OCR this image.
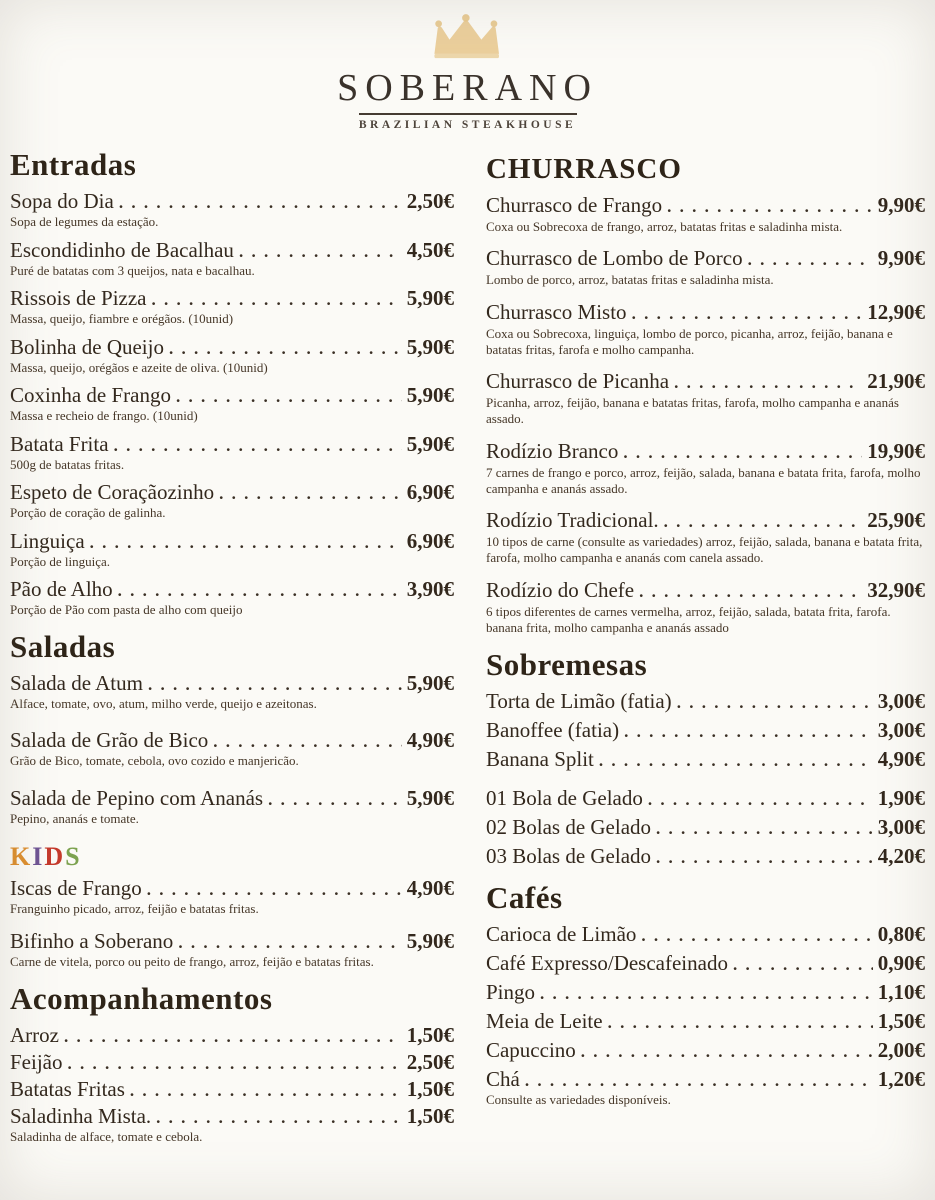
SOBERANO
BRAZILIAN STEAKHOUSE
Entradas
Sopa do Dia . . .	2,50€
Sopa de legumes da estação.
Escondidinho de Bacalhau . . .	4,50€
Puré de batatas com 3 queijos, nata e bacalhau.
Rissois de Pizza . . .	5,90€
Massa, queijo, fiambre e orégãos. (10unid)
Bolinha de Queijo . . .	5,90€
Massa, queijo, orégãos e azeite de oliva. (10unid)
Coxinha de Frango . . .	5,90€
Massa e recheio de frango. (10unid)
Batata Frita . . .	5,90€
500g de batatas fritas.
Espeto de Coraçãozinho . . .	6,90€
Porção de coração de galinha.
Linguiça . . .	6,90€
Porção de linguiça.
Pão de Alho . . .	3,90€
Porção de Pão com pasta de alho com queijo
Saladas
Salada de Atum . . .	5,90€
Alface, tomate, ovo, atum, milho verde, queijo e azeitonas.
Salada de Grão de Bico . . .	4,90€
Grão de Bico, tomate, cebola, ovo cozido e manjericão.
Salada de Pepino com Ananás . . .	5,90€
Pepino, ananás e tomate.
KIDS
Iscas de Frango . . .	4,90€
Franguinho picado, arroz, feijão e batatas fritas.
Bifinho a Soberano . . .	5,90€
Carne de vitela, porco ou peito de frango, arroz, feijão e batatas fritas.
Acompanhamentos
Arroz . . .	1,50€
Feijão . . .	2,50€
Batatas Fritas . . .	1,50€
Saladinha Mista. . . .	1,50€
Saladinha de alface, tomate e cebola.
CHURRASCO
Churrasco de Frango . . .	9,90€
Coxa ou Sobrecoxa de frango, arroz, batatas fritas e saladinha mista.
Churrasco de Lombo de Porco . . .	9,90€
Lombo de porco, arroz, batatas fritas e saladinha mista.
Churrasco Misto . . .	12,90€
Coxa ou Sobrecoxa, linguiça, lombo de porco, picanha, arroz, feijão, banana e batatas fritas, farofa e molho campanha.
Churrasco de Picanha . . .	21,90€
Picanha, arroz, feijão, banana e batatas fritas, farofa, molho campanha e ananás assado.
Rodízio Branco . . .	19,90€
7 carnes de frango e porco, arroz, feijão, salada, banana e batata frita, farofa, molho campanha e ananás assado.
Rodízio Tradicional. . . .	25,90€
10 tipos de carne (consulte as variedades) arroz, feijão, salada, banana e batata frita, farofa, molho campanha e ananás com canela assado.
Rodízio do Chefe . . .	32,90€
6 tipos diferentes de carnes vermelha, arroz, feijão, salada, batata frita, farofa. banana frita, molho campanha e ananás assado
Sobremesas
Torta de Limão (fatia) . . .	3,00€
Banoffee (fatia) . . .	3,00€
Banana Split . . .	4,90€
01 Bola de Gelado . . .	1,90€
02 Bolas de Gelado . . .	3,00€
03 Bolas de Gelado . . .	4,20€
Cafés
Carioca de Limão . . .	0,80€
Café Expresso/Descafeinado . . .	0,90€
Pingo . . .	1,10€
Meia de Leite . . .	1,50€
Capuccino . . .	2,00€
Chá . . .	1,20€
Consulte as variedades disponíveis.
